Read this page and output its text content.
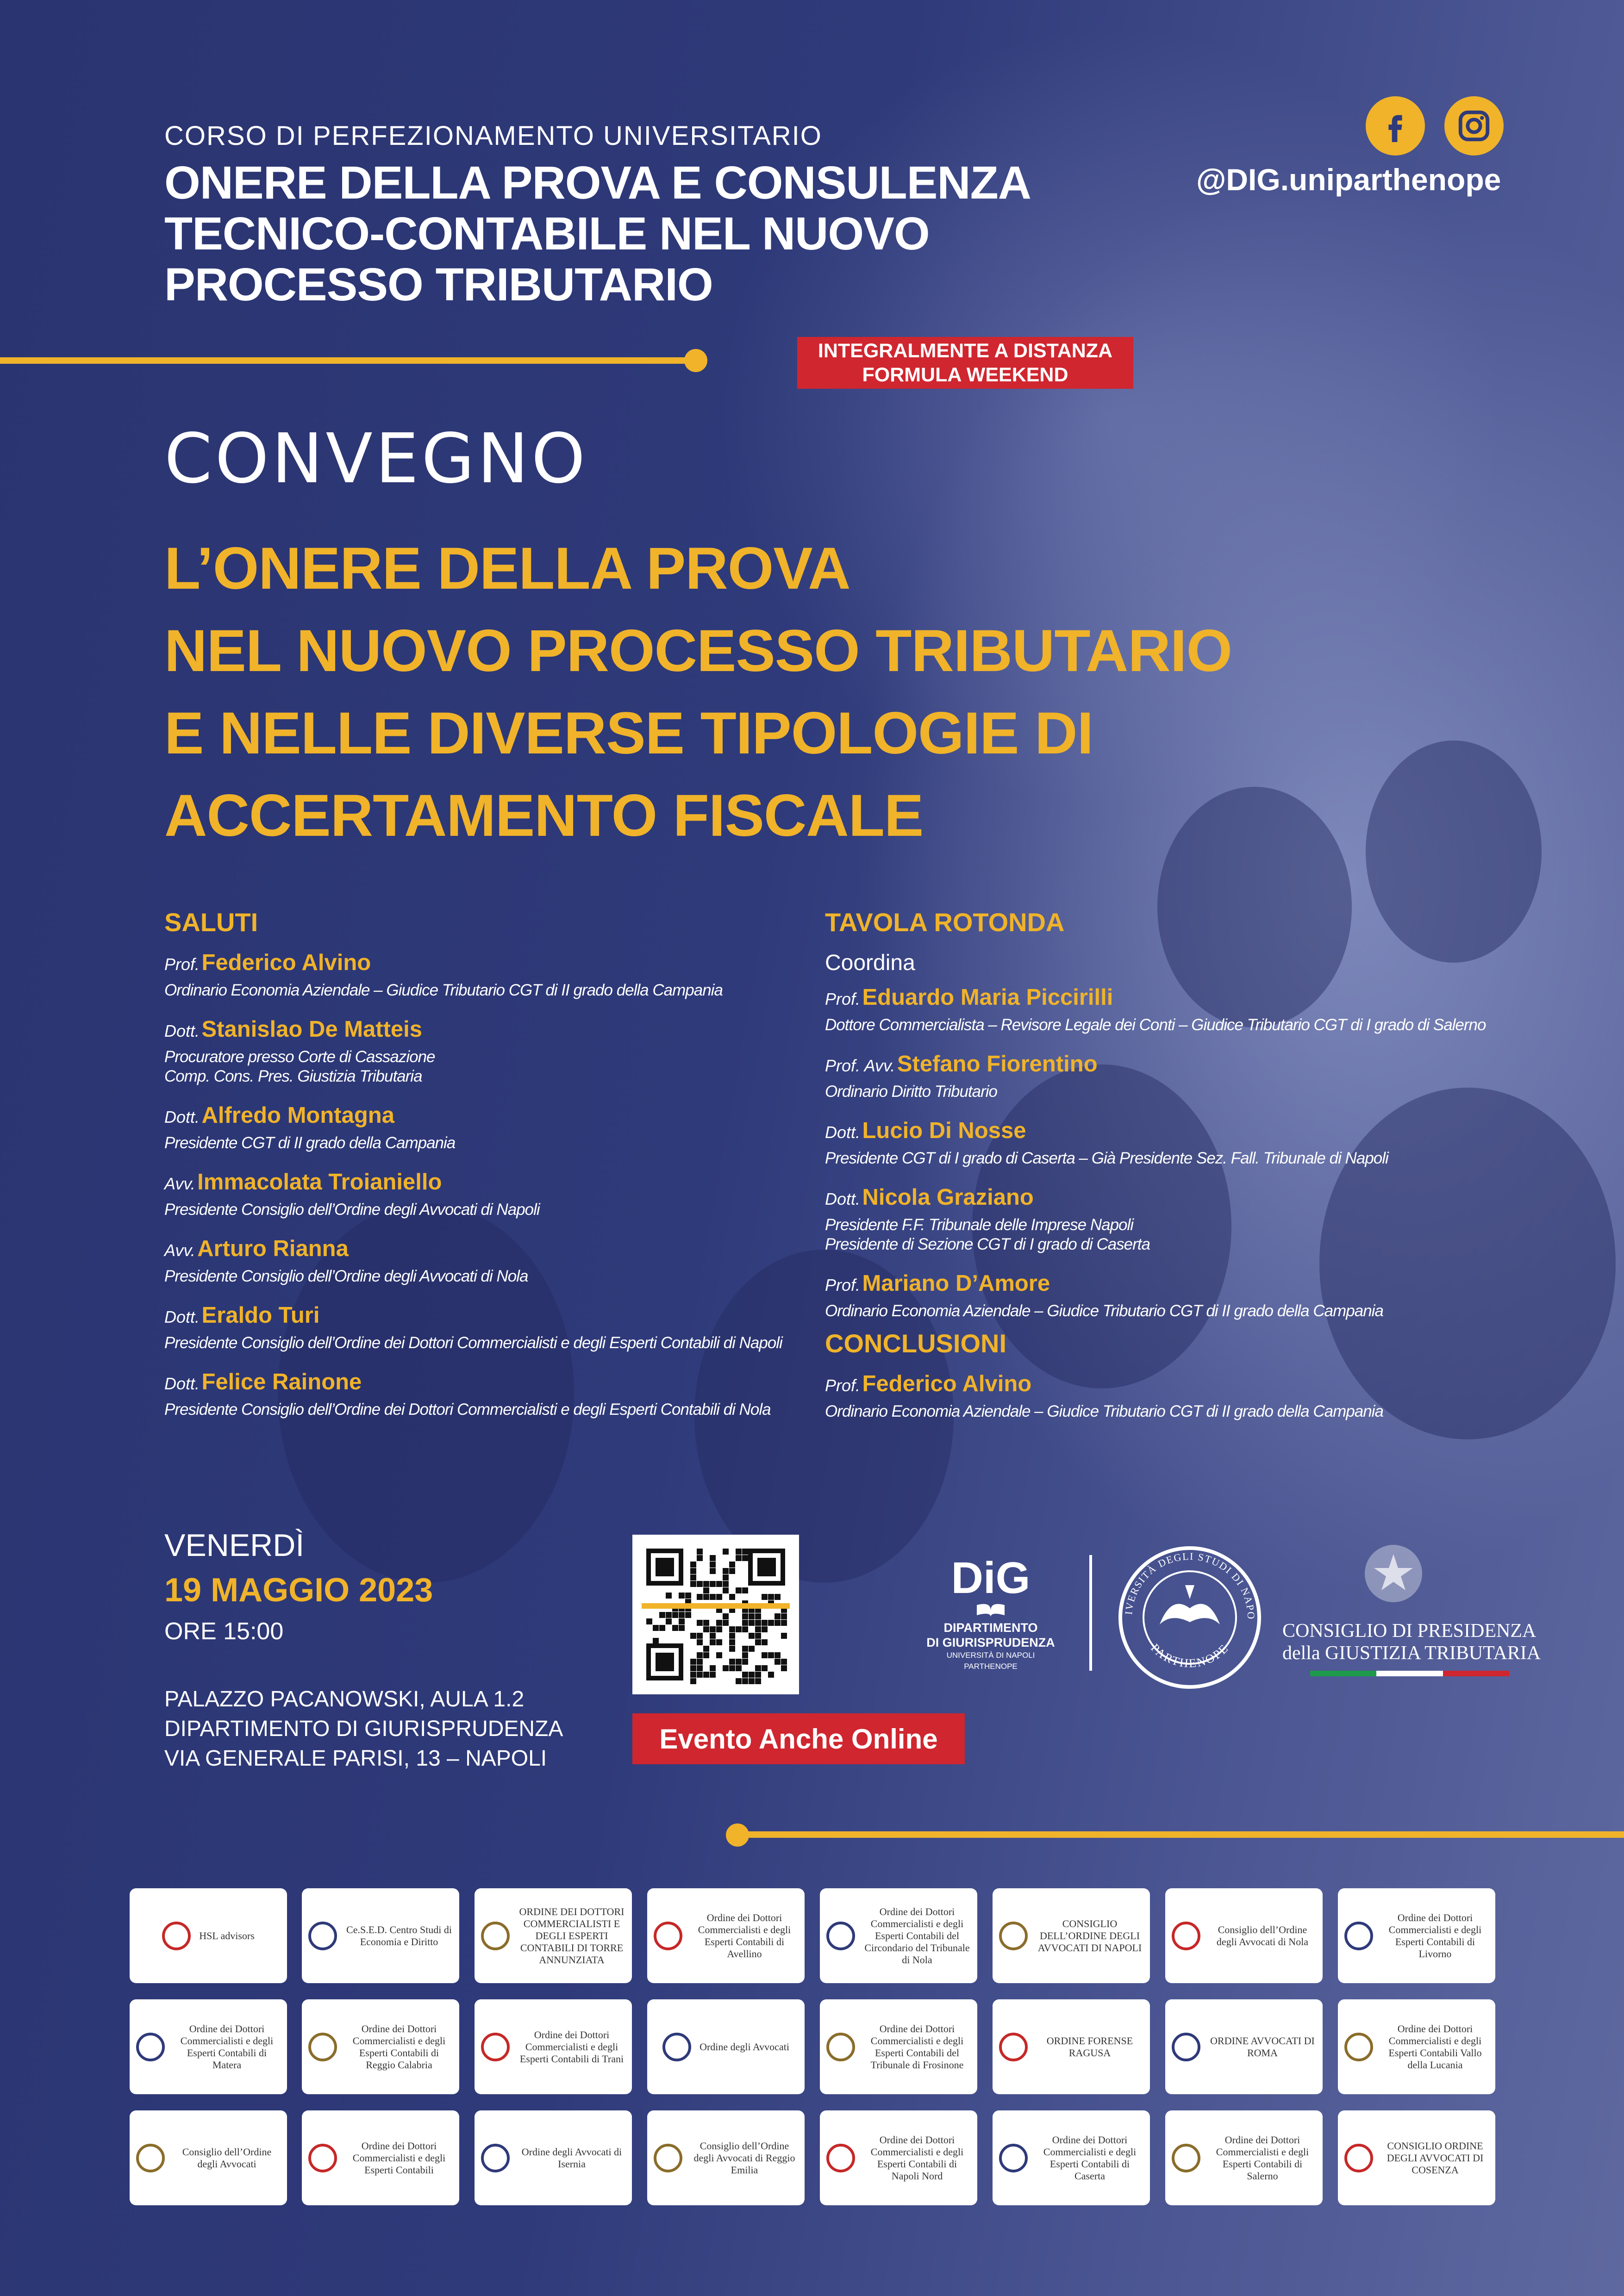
CORSO DI PERFEZIONAMENTO UNIVERSITARIO
ONERE DELLA PROVA E CONSULENZA
TECNICO-CONTABILE NEL NUOVO
PROCESSO TRIBUTARIO
INTEGRALMENTE A DISTANZA
FORMULA WEEKEND
@DIG.uniparthenope
CONVEGNO
L’ONERE DELLA PROVA
NEL NUOVO PROCESSO TRIBUTARIO
E NELLE DIVERSE TIPOLOGIE DI
ACCERTAMENTO FISCALE
SALUTI
Prof. Federico Alvino
Ordinario Economia Aziendale – Giudice Tributario CGT di II grado della Campania
Dott. Stanislao De Matteis
Procuratore presso Corte di Cassazione
Comp. Cons. Pres. Giustizia Tributaria
Dott. Alfredo Montagna
Presidente CGT di II grado della Campania
Avv. Immacolata Troianiello
Presidente Consiglio dell’Ordine degli Avvocati di Napoli
Avv. Arturo Rianna
Presidente Consiglio dell’Ordine degli Avvocati di Nola
Dott. Eraldo Turi
Presidente Consiglio dell’Ordine dei Dottori Commercialisti e degli Esperti Contabili di Napoli
Dott. Felice Rainone
Presidente Consiglio dell’Ordine dei Dottori Commercialisti e degli Esperti Contabili di Nola
TAVOLA ROTONDA
Coordina
Prof. Eduardo Maria Piccirilli
Dottore Commercialista – Revisore Legale dei Conti – Giudice Tributario CGT di I grado di Salerno
Prof. Avv. Stefano Fiorentino
Ordinario Diritto Tributario
Dott. Lucio Di Nosse
Presidente CGT di I grado di Caserta – Già Presidente Sez. Fall. Tribunale di Napoli
Dott. Nicola Graziano
Presidente F.F. Tribunale delle Imprese Napoli
Presidente di Sezione CGT di I grado di Caserta
Prof. Mariano D’Amore
Ordinario Economia Aziendale – Giudice Tributario CGT di II grado della Campania
CONCLUSIONI
Prof. Federico Alvino
Ordinario Economia Aziendale – Giudice Tributario CGT di II grado della Campania
VENERDÌ
19 MAGGIO 2023
ORE 15:00
PALAZZO PACANOWSKI, AULA 1.2
DIPARTIMENTO DI GIURISPRUDENZA
VIA GENERALE PARISI, 13 – NAPOLI
Evento Anche Online
DiG
DIPARTIMENTO
DI GIURISPRUDENZA
UNIVERSITÀ DI NAPOLI PARTHENOPE
IVERSITÀ DEGLI STUDI DI NAPO
PARTHENOPE
CONSIGLIO DI PRESIDENZA
della GIUSTIZIA TRIBUTARIA
HSL advisors
Ce.S.E.D. Centro Studi di Economia e Diritto
ORDINE DEI DOTTORI COMMERCIALISTI E DEGLI ESPERTI CONTABILI DI TORRE ANNUNZIATA
Ordine dei Dottori Commercialisti e degli Esperti Contabili di Avellino
Ordine dei Dottori Commercialisti e degli Esperti Contabili del Circondario del Tribunale di Nola
CONSIGLIO DELL’ORDINE DEGLI AVVOCATI DI NAPOLI
Consiglio dell’Ordine degli Avvocati di Nola
Ordine dei Dottori Commercialisti e degli Esperti Contabili di Livorno
Ordine dei Dottori Commercialisti e degli Esperti Contabili di Matera
Ordine dei Dottori Commercialisti e degli Esperti Contabili di Reggio Calabria
Ordine dei Dottori Commercialisti e degli Esperti Contabili di Trani
Ordine degli Avvocati
Ordine dei Dottori Commercialisti e degli Esperti Contabili del Tribunale di Frosinone
ORDINE FORENSE RAGUSA
ORDINE AVVOCATI DI ROMA
Ordine dei Dottori Commercialisti e degli Esperti Contabili Vallo della Lucania
Consiglio dell’Ordine degli Avvocati
Ordine dei Dottori Commercialisti e degli Esperti Contabili
Ordine degli Avvocati di Isernia
Consiglio dell’Ordine degli Avvocati di Reggio Emilia
Ordine dei Dottori Commercialisti e degli Esperti Contabili di Napoli Nord
Ordine dei Dottori Commercialisti e degli Esperti Contabili di Caserta
Ordine dei Dottori Commercialisti e degli Esperti Contabili di Salerno
CONSIGLIO ORDINE DEGLI AVVOCATI DI COSENZA
